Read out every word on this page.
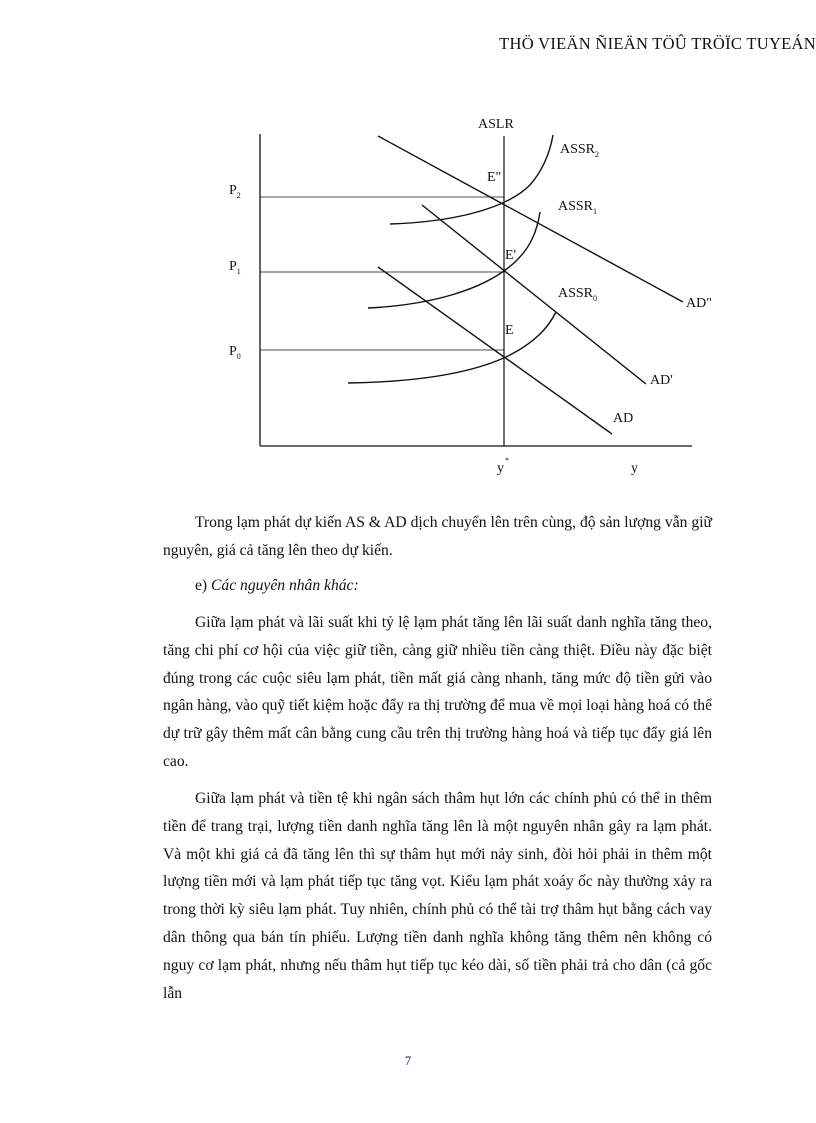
THÖ VIEÄN ÑIEÄN TÖÛ TRÖÏC TUYEÁN
ASLR
$ASSR_2$
$ASSR_1$
$ASSR_0$
E"
E'
E
$P_2$
$P_1$
$P_0$
AD"
AD'
AD
y*
y
Trong lạm phát dự kiến AS & AD dịch chuyển lên trên cùng, độ sản lượng vẫn giữ nguyên, giá cả tăng lên theo dự kiến.
e) Các nguyên nhân khác:
Giữa lạm phát và lãi suất khi tỷ lệ lạm phát tăng lên lãi suất danh nghĩa tăng theo, tăng chi phí cơ hội của việc giữ tiền, càng giữ nhiều tiền càng thiệt. Điều này đặc biệt đúng trong các cuộc siêu lạm phát, tiền mất giá càng nhanh, tăng mức độ tiền gửi vào ngân hàng, vào quỹ tiết kiệm hoặc đẩy ra thị trường để mua về mọi loại hàng hoá có thể dự trữ gây thêm mất cân bằng cung cầu trên thị trường hàng hoá và tiếp tục đẩy giá lên cao.
Giữa lạm phát và tiền tệ khi ngân sách thâm hụt lớn các chính phủ có thể in thêm tiền để trang trại, lượng tiền danh nghĩa tăng lên là một nguyên nhân gây ra lạm phát. Và một khi giá cả đã tăng lên thì sự thâm hụt mới nảy sinh, đòi hỏi phải in thêm một lượng tiền mới và lạm phát tiếp tục tăng vọt. Kiểu lạm phát xoáy ốc này thường xảy ra trong thời kỳ siêu lạm phát. Tuy nhiên, chính phủ có thể tài trợ thâm hụt bằng cách vay dân thông qua bán tín phiếu. Lượng tiền danh nghĩa không tăng thêm nên không có nguy cơ lạm phát, nhưng nếu thâm hụt tiếp tục kéo dài, số tiền phải trả cho dân (cả gốc lẫn
7
